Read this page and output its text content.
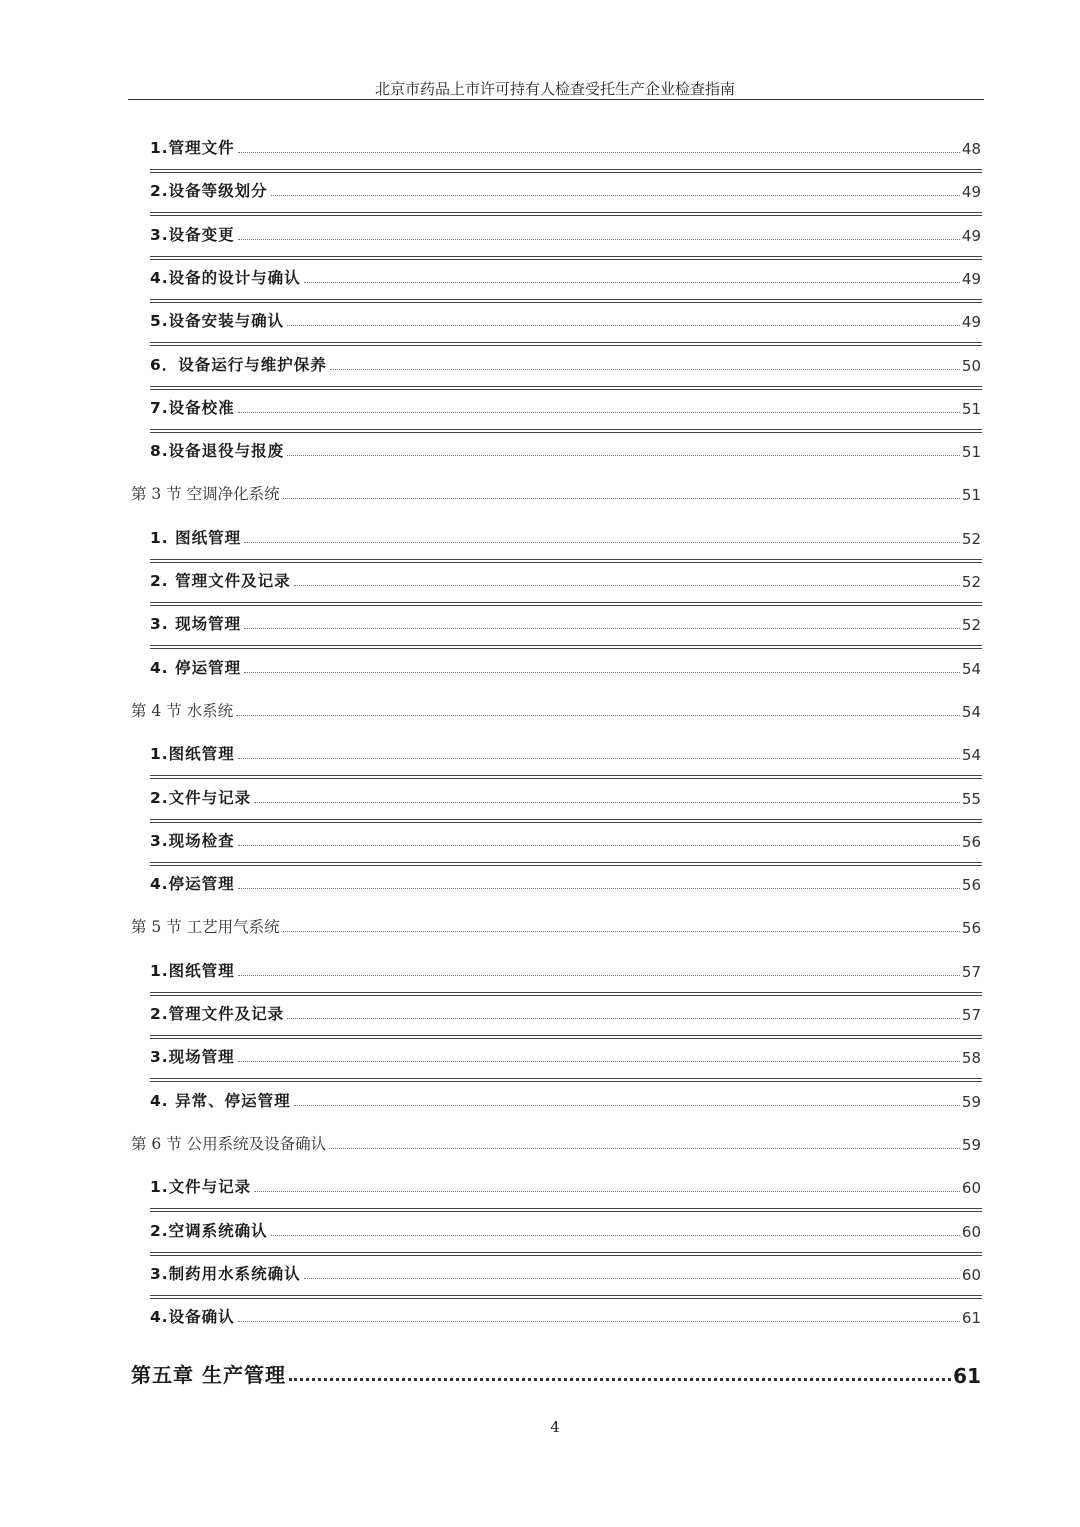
北京市药品上市许可持有人检查受托生产企业检查指南
1.管理文件	48
2.设备等级划分	49
3.设备变更	49
4.设备的设计与确认	49
5.设备安装与确认	49
6．设备运行与维护保养	50
7.设备校准	51
8.设备退役与报废	51
第 3 节 空调净化系统	51
1. 图纸管理	52
2. 管理文件及记录	52
3. 现场管理	52
4. 停运管理	54
第 4 节 水系统	54
1.图纸管理	54
2.文件与记录	55
3.现场检查	56
4.停运管理	56
第 5 节 工艺用气系统	56
1.图纸管理	57
2.管理文件及记录	57
3.现场管理	58
4. 异常、停运管理	59
第 6 节 公用系统及设备确认	59
1.文件与记录	60
2.空调系统确认	60
3.制药用水系统确认	60
4.设备确认	61
第五章 生产管理	61
4
